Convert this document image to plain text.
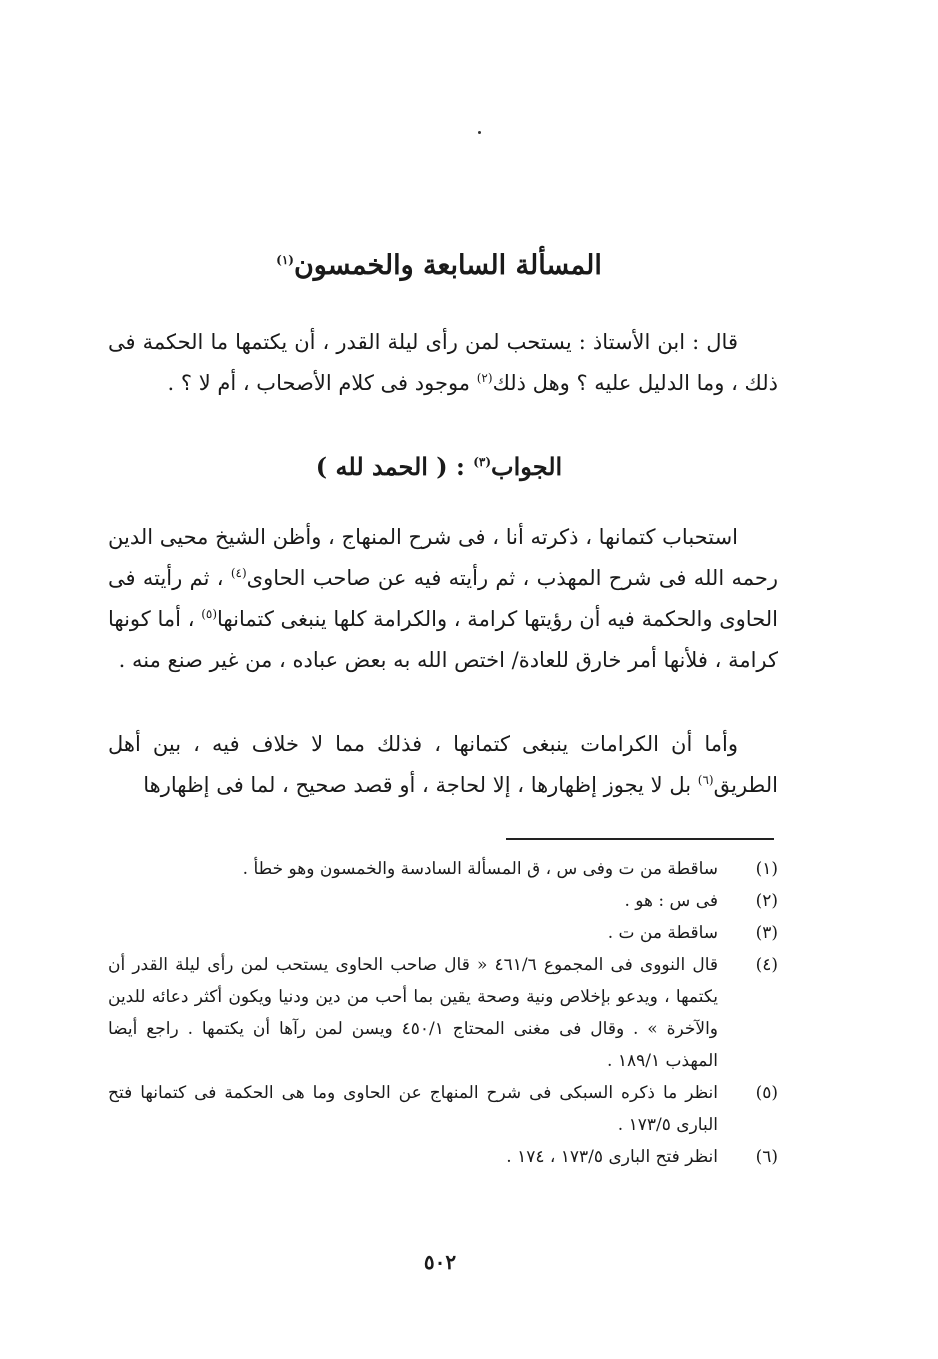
المسألة السابعة والخمسون$^{(١)}$
قال : ابن الأستاذ : يستحب لمن رأى ليلة القدر ، أن يكتمها ما الحكمة فى ذلك ، وما الدليل عليه ؟ وهل ذلك$^{(٢)}$ موجود فى كلام الأصحاب ، أم لا ؟ .
الجواب$^{(٣)}$ : ( الحمد لله )
استحباب كتمانها ، ذكرته أنا ، فى شرح المنهاج ، وأظن الشيخ محيى الدين رحمه الله فى شرح المهذب ، ثم رأيته فيه عن صاحب الحاوى$^{(٤)}$ ، ثم رأيته فى الحاوى والحكمة فيه أن رؤيتها كرامة ، والكرامة كلها ينبغى كتمانها$^{(٥)}$ ، أما كونها كرامة ، فلأنها أمر خارق للعادة/ اختص الله به بعض عباده ، من غير صنع منه .
وأما أن الكرامات ينبغى كتمانها ، فذلك مما لا خلاف فيه ، بين أهل الطريق$^{(٦)}$ بل لا يجوز إظهارها ، إلا لحاجة ، أو قصد صحيح ، لما فى إظهارها
(١)
ساقطة من ت وفى س ، ق المسألة السادسة والخمسون وهو خطأ .
(٢)
فى س : هو .
(٣)
ساقطة من ت .
(٤)
قال النووى فى المجموع ٤٦١/٦ « قال صاحب الحاوى يستحب لمن رأى ليلة القدر أن يكتمها ، ويدعو بإخلاص ونية وصحة يقين بما أحب من دين ودنيا ويكون أكثر دعائه للدين والآخرة » . وقال فى مغنى المحتاج ٤٥٠/١ ويسن لمن رآها أن يكتمها . راجع أيضا المهذب ١٨٩/١ .
(٥)
انظر ما ذكره السبكى فى شرح المنهاج عن الحاوى وما هى الحكمة فى كتمانها فتح البارى ١٧٣/٥ .
(٦)
انظر فتح البارى ١٧٣/٥ ، ١٧٤ .
٥٠٢
